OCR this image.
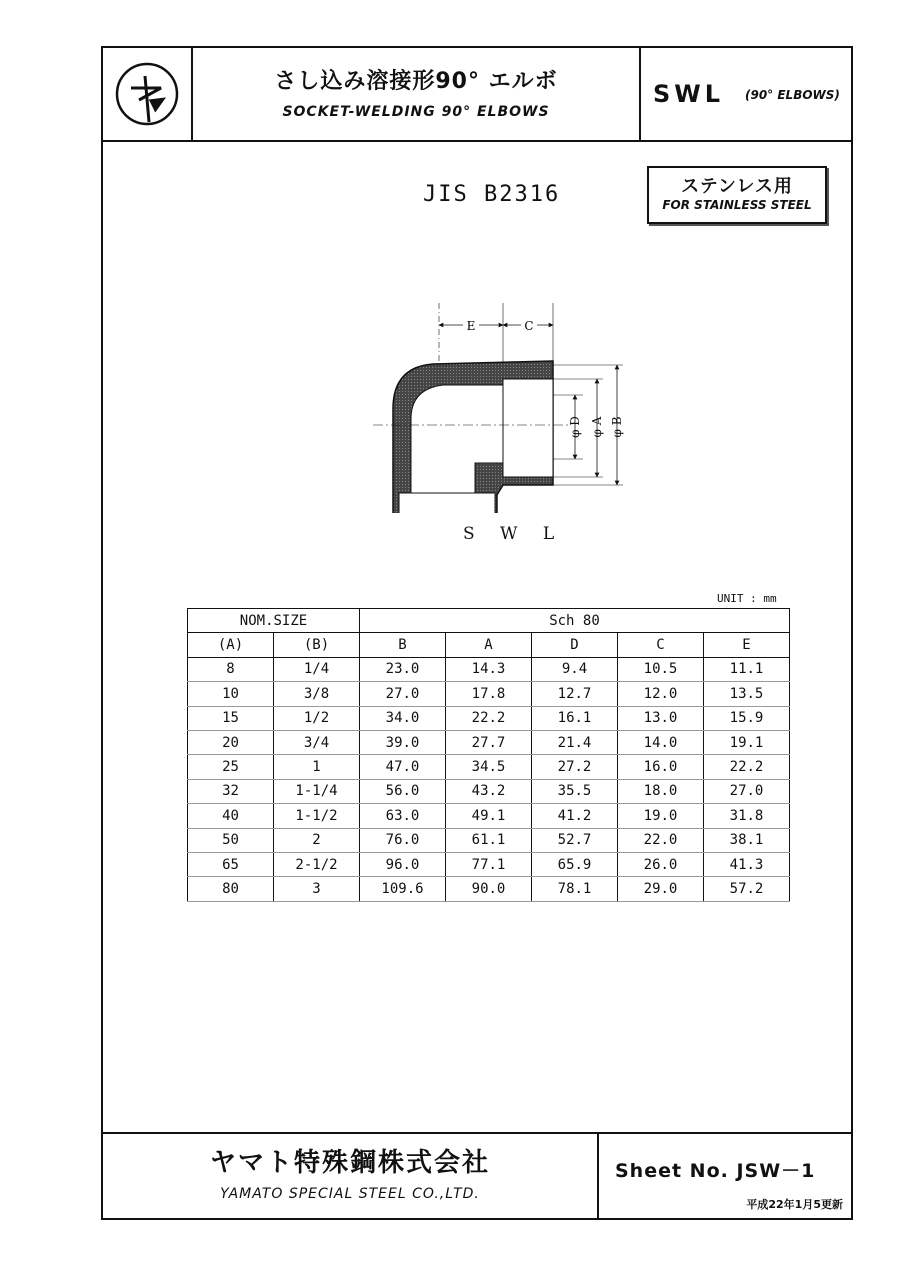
さし込み溶接形90° エルボ
SOCKET-WELDING 90° ELBOWS
SWL (90° ELBOWS)
JIS B2316	ステンレス用
FOR STAINLESS STEEL
E	C
φ D φ A φ B
S W L
UNIT : mm
NOM.SIZE		Sch 80				
(A)	(B)	B	A	D	C	E
8	1/4	23.0	14.3	9.4	10.5	11.1
10	3/8	27.0	17.8	12.7	12.0	13.5
15	1/2	34.0	22.2	16.1	13.0	15.9
20	3/4	39.0	27.7	21.4	14.0	19.1
25	1	47.0	34.5	27.2	16.0	22.2
32	1-1/4	56.0	43.2	35.5	18.0	27.0
40	1-1/2	63.0	49.1	41.2	19.0	31.8
50	2	76.0	61.1	52.7	22.0	38.1
65	2-1/2	96.0	77.1	65.9	26.0	41.3
80	3	109.6	90.0	78.1	29.0	57.2
ヤマト特殊鋼株式会社
YAMATO SPECIAL STEEL CO.,LTD.
Sheet No. JSW－1
平成22年1月5更新
